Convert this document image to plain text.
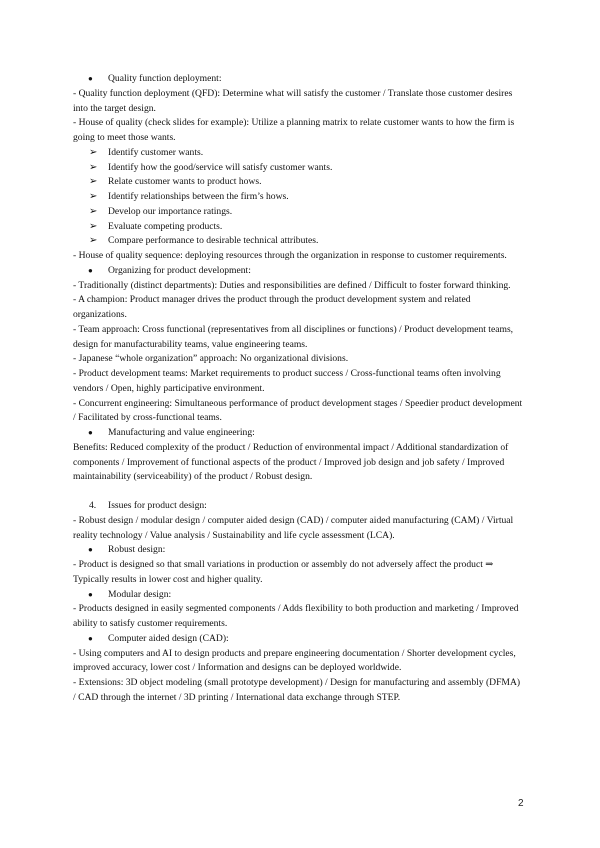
● Quality function deployment:
- Quality function deployment (QFD): Determine what will satisfy the customer / Translate those customer desires into the target design.
- House of quality (check slides for example): Utilize a planning matrix to relate customer wants to how the firm is going to meet those wants.
➢ Identify customer wants.
➢ Identify how the good/service will satisfy customer wants.
➢ Relate customer wants to product hows.
➢ Identify relationships between the firm’s hows.
➢ Develop our importance ratings.
➢ Evaluate competing products.
➢ Compare performance to desirable technical attributes.
- House of quality sequence: deploying resources through the organization in response to customer requirements.
● Organizing for product development:
- Traditionally (distinct departments): Duties and responsibilities are defined / Difficult to foster forward thinking.
- A champion: Product manager drives the product through the product development system and related organizations.
- Team approach: Cross functional (representatives from all disciplines or functions) / Product development teams, design for manufacturability teams, value engineering teams.
- Japanese “whole organization” approach: No organizational divisions.
- Product development teams: Market requirements to product success / Cross-functional teams often involving vendors / Open, highly participative environment.
- Concurrent engineering: Simultaneous performance of product development stages / Speedier product development / Facilitated by cross-functional teams.
● Manufacturing and value engineering:
Benefits: Reduced complexity of the product / Reduction of environmental impact / Additional standardization of components / Improvement of functional aspects of the product / Improved job design and job safety / Improved maintainability (serviceability) of the product / Robust design.
4. Issues for product design:
- Robust design / modular design / computer aided design (CAD) / computer aided manufacturing (CAM) / Virtual reality technology / Value analysis / Sustainability and life cycle assessment (LCA).
● Robust design:
- Product is designed so that small variations in production or assembly do not adversely affect the product ⇒ Typically results in lower cost and higher quality.
● Modular design:
- Products designed in easily segmented components / Adds flexibility to both production and marketing / Improved ability to satisfy customer requirements.
● Computer aided design (CAD):
- Using computers and AI to design products and prepare engineering documentation / Shorter development cycles, improved accuracy, lower cost / Information and designs can be deployed worldwide.
- Extensions: 3D object modeling (small prototype development) / Design for manufacturing and assembly (DFMA) / CAD through the internet / 3D printing / International data exchange through STEP.
2
